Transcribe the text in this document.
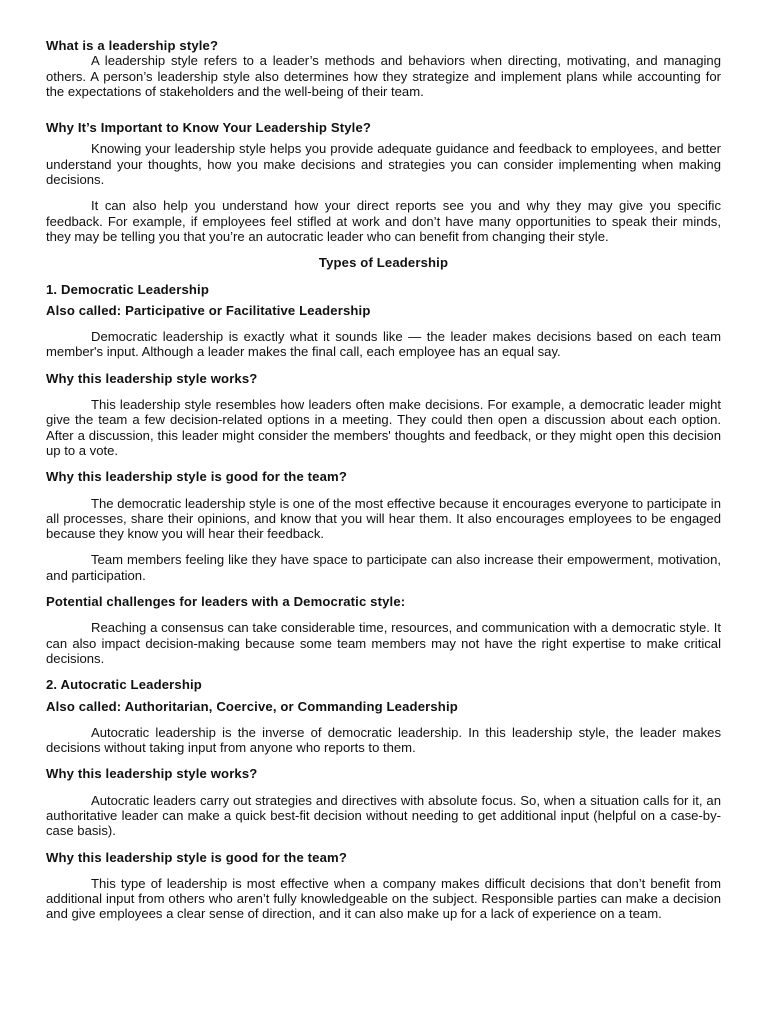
What is a leadership style?

A leadership style refers to a leader’s methods and behaviors when directing, motivating, and managing others. A person’s leadership style also determines how they strategize and implement plans while accounting for the expectations of stakeholders and the well-being of their team.

Why It’s Important to Know Your Leadership Style?

Knowing your leadership style helps you provide adequate guidance and feedback to employees, and better understand your thoughts, how you make decisions and strategies you can consider implementing when making decisions.

It can also help you understand how your direct reports see you and why they may give you specific feedback. For example, if employees feel stifled at work and don’t have many opportunities to speak their minds, they may be telling you that you’re an autocratic leader who can benefit from changing their style.

Types of Leadership

1. Democratic Leadership

Also called: Participative or Facilitative Leadership

Democratic leadership is exactly what it sounds like — the leader makes decisions based on each team member's input. Although a leader makes the final call, each employee has an equal say.

Why this leadership style works?

This leadership style resembles how leaders often make decisions. For example, a democratic leader might give the team a few decision-related options in a meeting. They could then open a discussion about each option. After a discussion, this leader might consider the members' thoughts and feedback, or they might open this decision up to a vote.

Why this leadership style is good for the team?

The democratic leadership style is one of the most effective because it encourages everyone to participate in all processes, share their opinions, and know that you will hear them. It also encourages employees to be engaged because they know you will hear their feedback.

Team members feeling like they have space to participate can also increase their empowerment, motivation, and participation.

Potential challenges for leaders with a Democratic style:

Reaching a consensus can take considerable time, resources, and communication with a democratic style. It can also impact decision-making because some team members may not have the right expertise to make critical decisions.

2. Autocratic Leadership

Also called: Authoritarian, Coercive, or Commanding Leadership

Autocratic leadership is the inverse of democratic leadership. In this leadership style, the leader makes decisions without taking input from anyone who reports to them.

Why this leadership style works?

Autocratic leaders carry out strategies and directives with absolute focus. So, when a situation calls for it, an authoritative leader can make a quick best-fit decision without needing to get additional input (helpful on a case-by-case basis).

Why this leadership style is good for the team?

This type of leadership is most effective when a company makes difficult decisions that don’t benefit from additional input from others who aren’t fully knowledgeable on the subject. Responsible parties can make a decision and give employees a clear sense of direction, and it can also make up for a lack of experience on a team.
